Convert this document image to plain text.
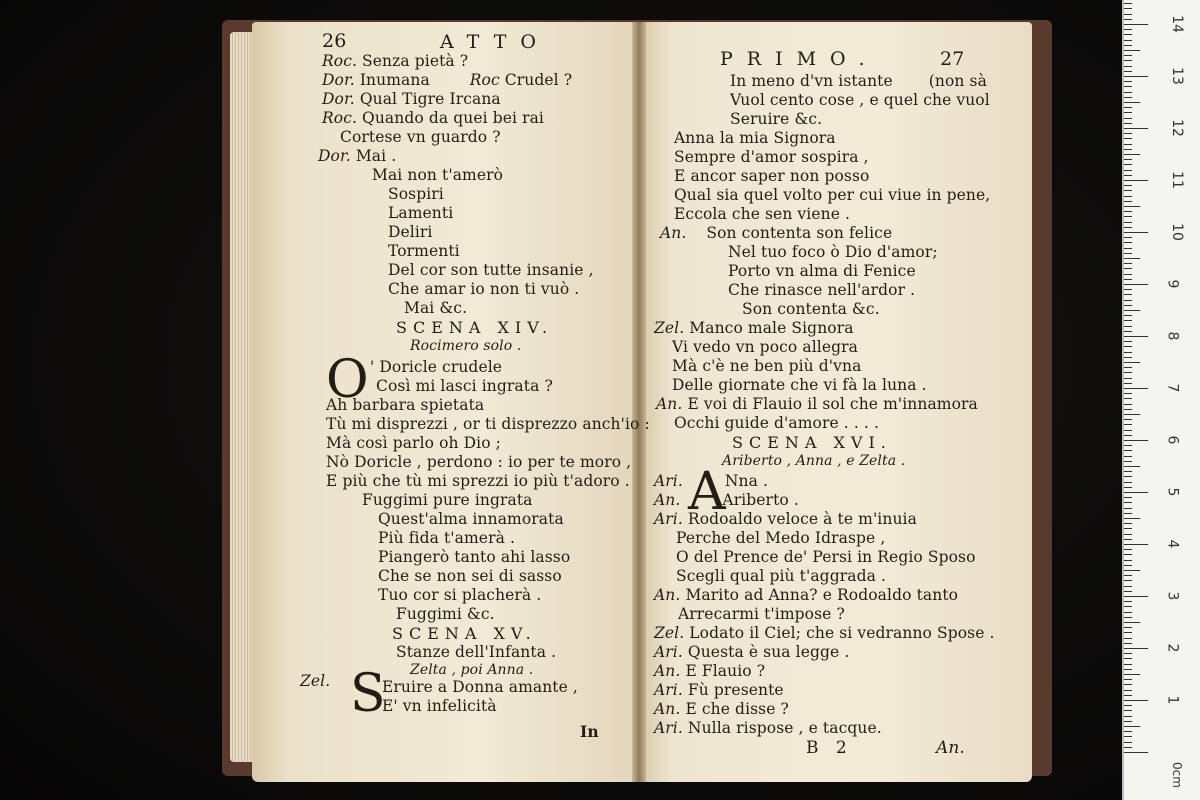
26	ATTO
Roc. Senza pietà ?
Dor. Inumana	Roc Crudel ?
Dor. Qual Tigre Ircana
Roc. Quando da quei bei rai
Cortese vn guardo ?
Dor. Mai .
Mai non t'amerò
Sospiri
Lamenti
Deliri
Tormenti
Del cor son tutte insanie ,
Che amar io non ti vuò .
Mai &c.
SCENA XIV.
Rocimero solo .
O ' Doricle crudele
Così mi lasci ingrata ?
Ah barbara spietata
Tù mi disprezzi , or ti disprezzo anch'io :
Mà così parlo oh Dio ;
Nò Doricle , perdono : io per te moro ,
E più che tù mi sprezzi io più t'adoro .
Fuggimi pure ingrata
Quest'alma innamorata
Più fida t'amerà .
Piangerò tanto ahi lasso
Che se non sei di sasso
Tuo cor si placherà .
Fuggimi &c.
SCENA XV.
Stanze dell'Infanta .
Zelta , poi Anna .
Zel. S
Eruire a Donna amante ,
E' vn infelicità
In
PRIMO.	27
In meno d'vn istante (non sà
Vuol cento cose , e quel che vuol
Seruire &c.
Anna la mia Signora
Sempre d'amor sospira ,
E ancor saper non posso
Qual sia quel volto per cui viue in pene,
Eccola che sen viene .
An. Son contenta son felice
Nel tuo foco ò Dio d'amor;
Porto vn alma di Fenice
Che rinasce nell'ardor .
Son contenta &c.
Zel. Manco male Signora
Vi vedo vn poco allegra
Mà c'è ne ben più d'vna
Delle giornate che vi fà la luna .
An. E voi di Flauio il sol che m'innamora
Occhi guide d'amore . . . .
SCENA XVI.
Ariberto , Anna , e Zelta .
A
Ari.	Nna .
An.	Ariberto .
Ari. Rodoaldo veloce à te m'inuia
Perche del Medo Idraspe ,
O del Prence de' Persi in Regio Sposo
Scegli qual più t'aggrada .
An. Marito ad Anna? e Rodoaldo tanto
Arrecarmi t'impose ?
Zel. Lodato il Ciel; che si vedranno Spose .
Ari. Questa è sua legge .
An. E Flauio ?
Ari. Fù presente
An. E che disse ?
Ari. Nulla rispose , e tacque.
B 2	An.
1
2
3
4
5
6
7
8
9
10
11
12
13
14
0cm
